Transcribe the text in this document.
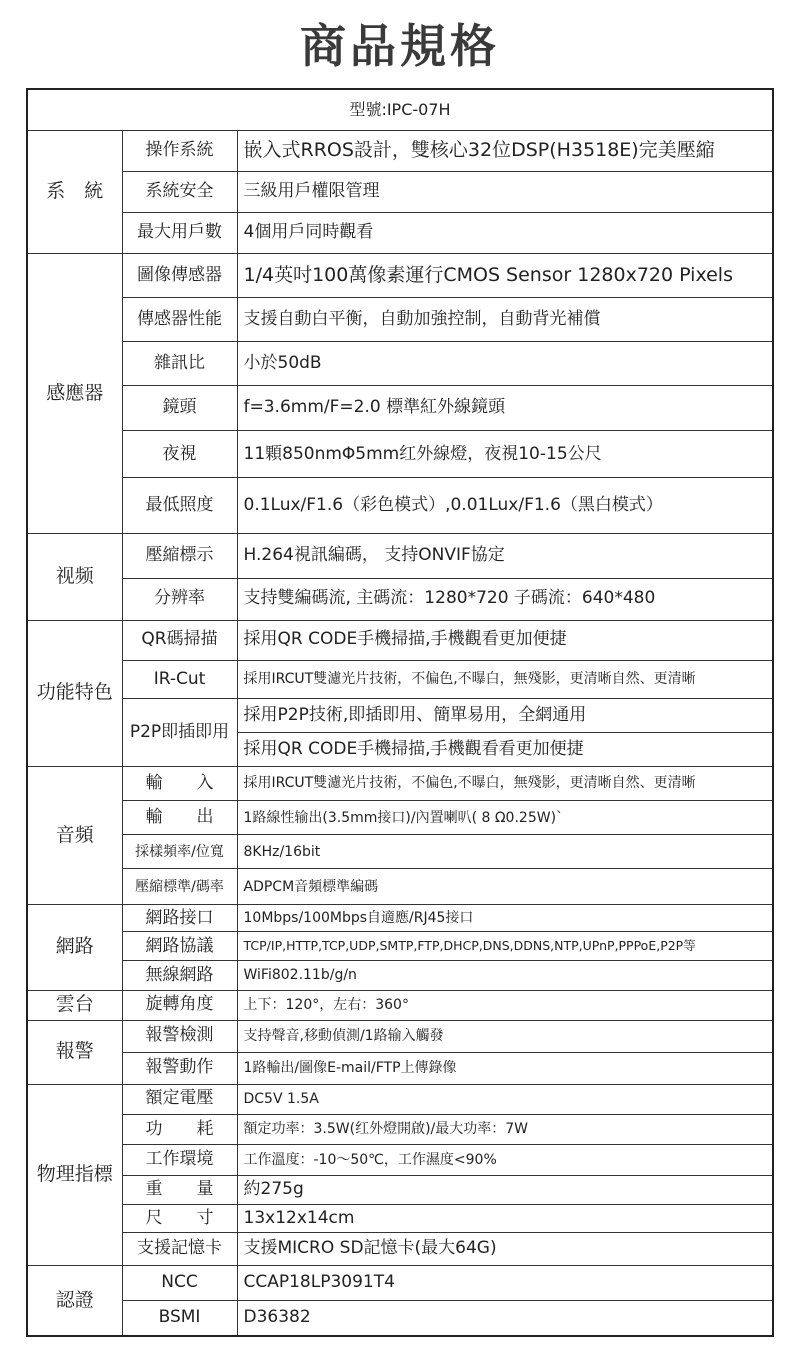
商品規格
型號:IPC-07H		
系　統	操作系統	嵌入式RROS設計，雙核心32位DSP(H3518E)完美壓縮
	系統安全	三級用戶權限管理
	最大用戶數	4個用戶同時觀看
感應器	圖像傳感器	1/4英吋100萬像素運行CMOS Sensor 1280x720 Pixels
	傳感器性能	支援自動白平衡，自動加強控制，自動背光補償
	雜訊比	小於50dB
	鏡頭	f=3.6mm/F=2.0 標準紅外線鏡頭
	夜視	11顆850nmΦ5mm红外線燈，夜視10-15公尺
	最低照度	0.1Lux/F1.6（彩色模式）,0.01Lux/F1.6（黑白模式）
视频	壓縮標示	H.264視訊編碼， 支持ONVIF協定
	分辨率	支持雙編碼流, 主碼流：1280*720 子碼流：640*480
功能特色	QR碼掃描	採用QR CODE手機掃描,手機觀看更加便捷
	IR-Cut	採用IRCUT雙濾光片技術，不偏色,不曝白，無殘影，更清晰自然、更清晰
	P2P即插即用	採用P2P技術,即插即用、簡單易用，全網通用
		採用QR CODE手機掃描,手機觀看看更加便捷
音頻	輸　　入	採用IRCUT雙濾光片技術，不偏色,不曝白，無殘影，更清晰自然、更清晰
	輸　　出	1路線性输出(3.5mm接口)/內置喇叭( 8 Ω0.25W)`
	採樣頻率/位寬	8KHz/16bit
	壓縮標準/碼率	ADPCM音頻標準編碼
網路	網路接口	10Mbps/100Mbps自適應/RJ45接口
	網路協議	TCP/IP,HTTP,TCP,UDP,SMTP,FTP,DHCP,DNS,DDNS,NTP,UPnP,PPPoE,P2P等
	無線網路	WiFi802.11b/g/n
雲台	旋轉角度	上下：120°，左右：360°
報警	報警檢測	支持聲音,移動偵測/1路输入觸發
	報警動作	1路輸出/圖像E-mail/FTP上傳錄像
物理指標	額定電壓	DC5V 1.5A
	功　　耗	額定功率：3.5W(红外燈開啟)/最大功率：7W
	工作環境	工作溫度：-10～50℃，工作濕度<90%
	重　　量	約275g
	尺　　寸	13x12x14cm
	支援記憶卡	支援MICRO SD記憶卡(最大64G)
認證	NCC	CCAP18LP3091T4
	BSMI	D36382
